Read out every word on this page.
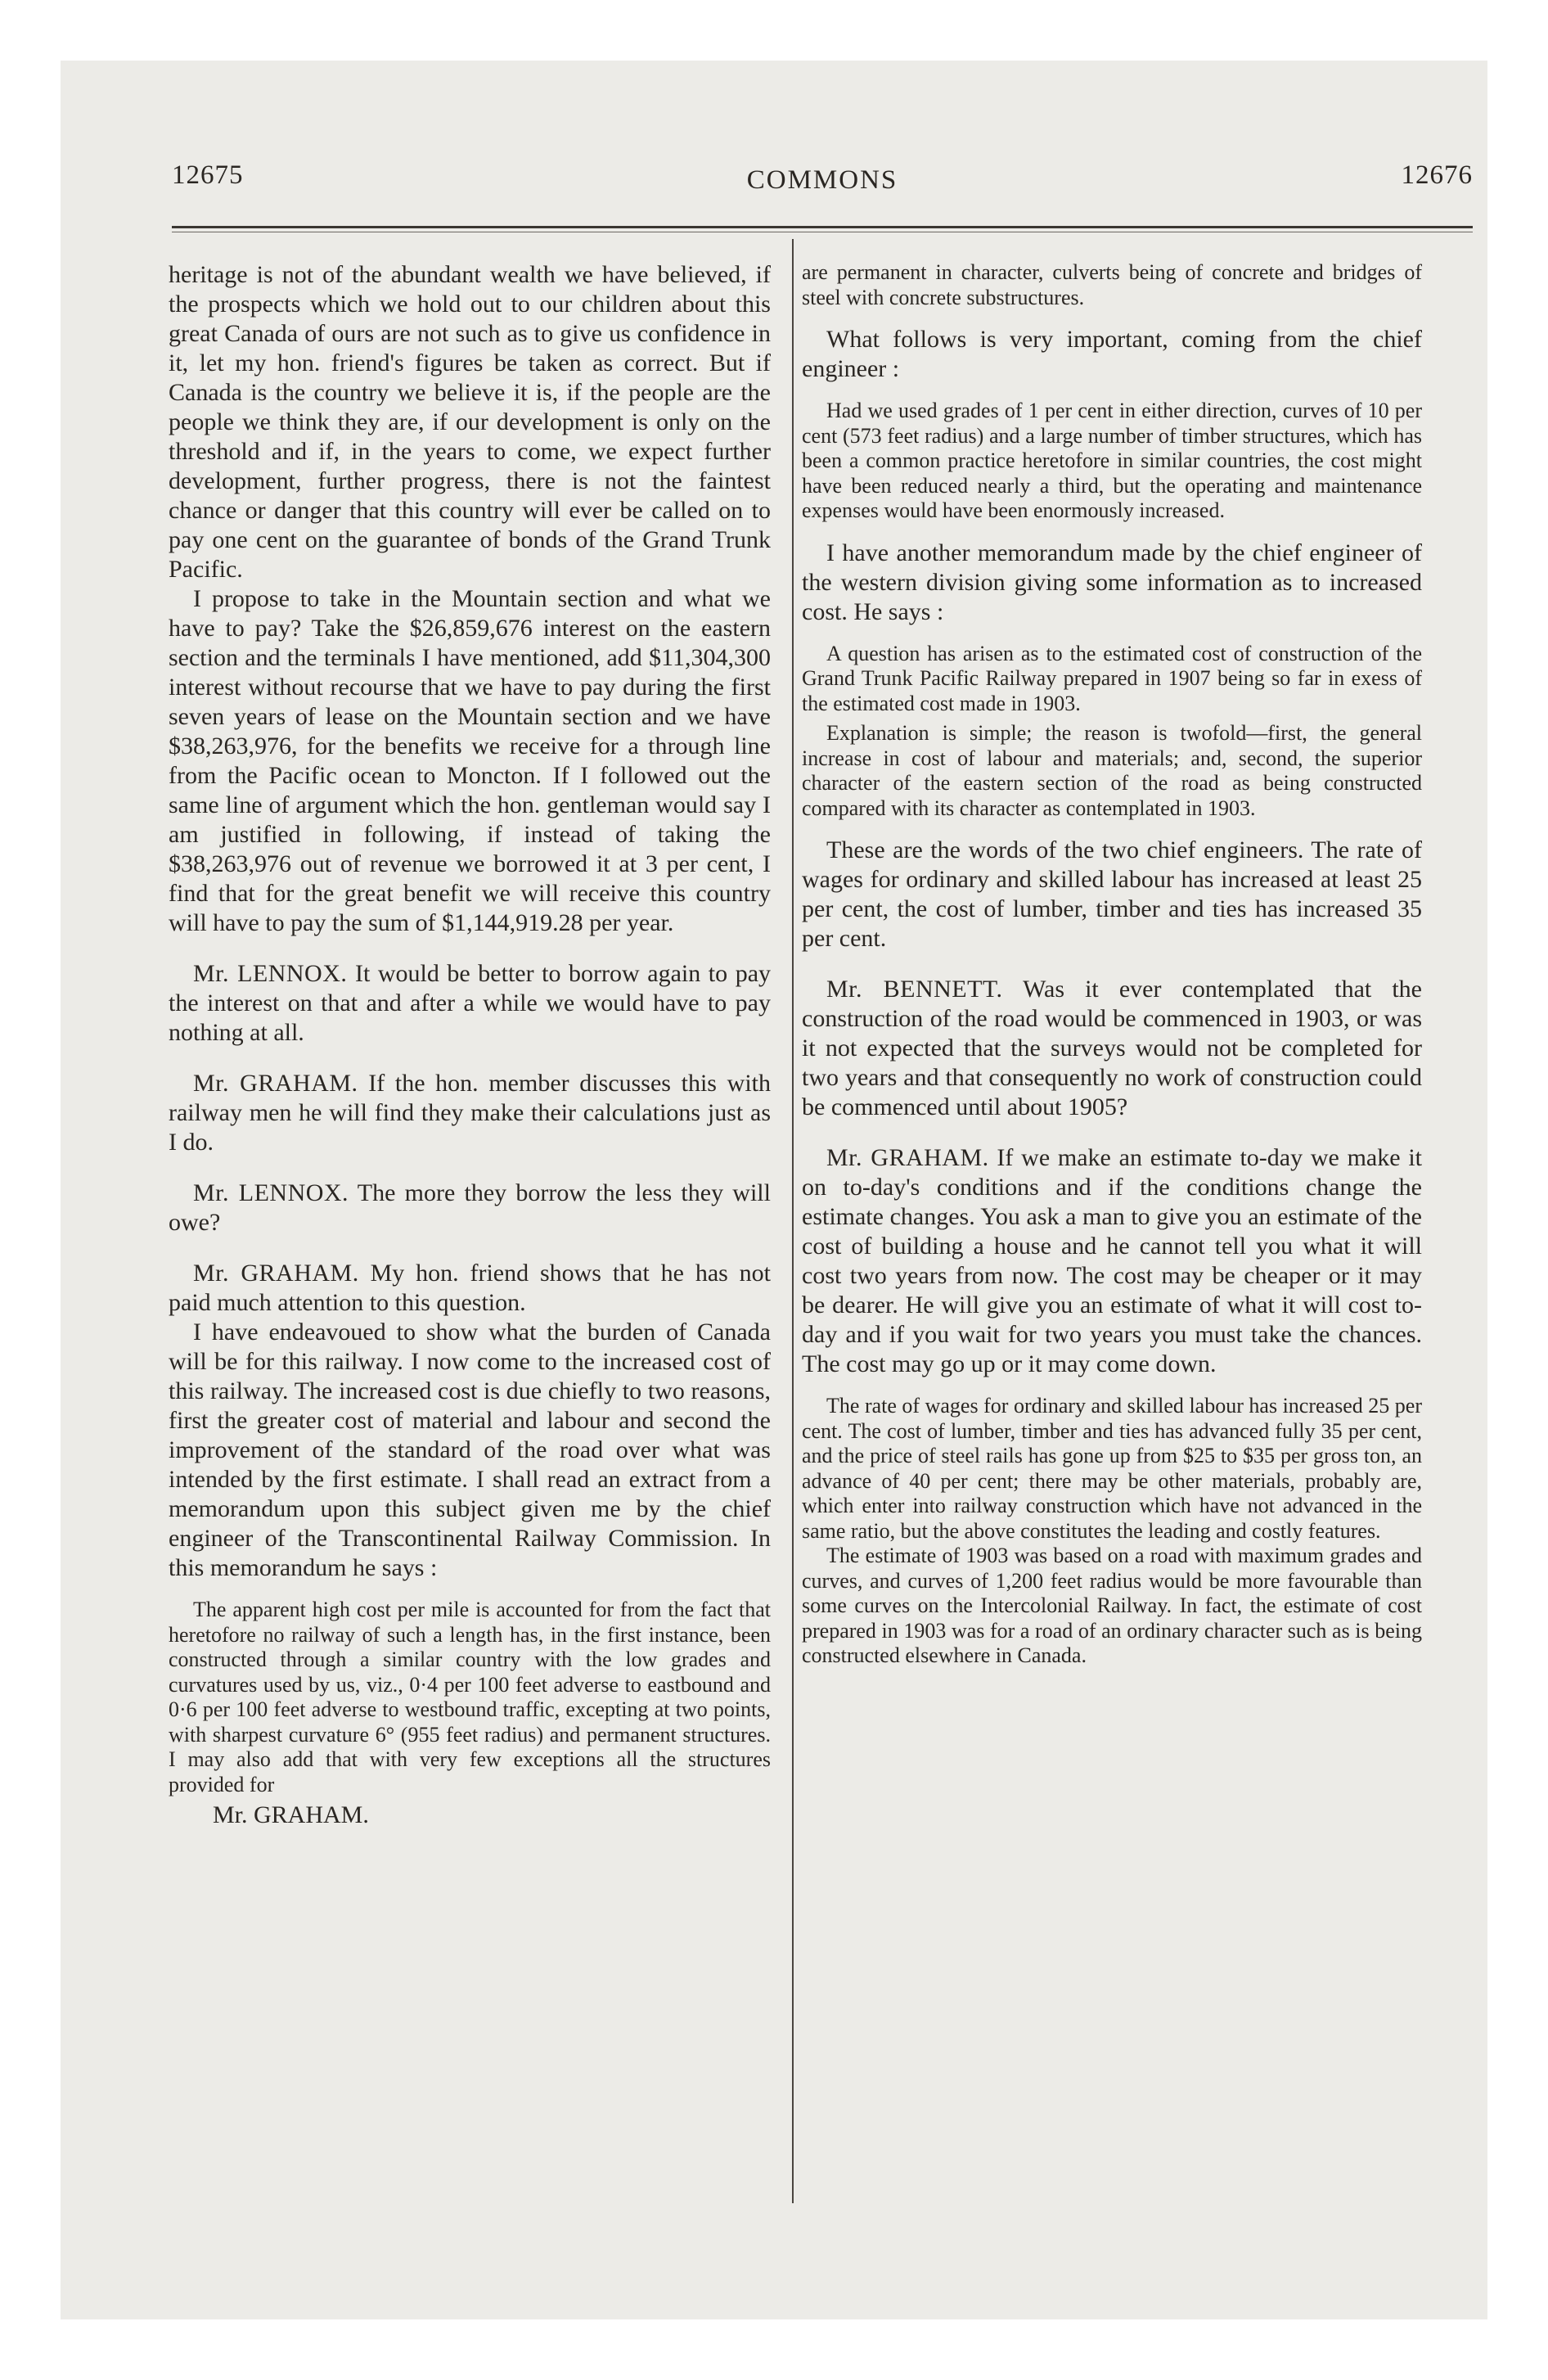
12675	COMMONS	12676

heritage is not of the abundant wealth we have believed, if the prospects which we hold out to our children about this great Canada of ours are not such as to give us confidence in it, let my hon. friend's figures be taken as correct. But if Canada is the country we believe it is, if the people are the people we think they are, if our development is only on the threshold and if, in the years to come, we expect further development, further progress, there is not the faintest chance or danger that this country will ever be called on to pay one cent on the guarantee of bonds of the Grand Trunk Pacific.

I propose to take in the Mountain section and what we have to pay? Take the $26,859,676 interest on the eastern section and the terminals I have mentioned, add $11,304,300 interest without recourse that we have to pay during the first seven years of lease on the Mountain section and we have $38,263,976, for the benefits we receive for a through line from the Pacific ocean to Moncton. If I followed out the same line of argument which the hon. gentleman would say I am justified in following, if instead of taking the $38,263,976 out of revenue we borrowed it at 3 per cent, I find that for the great benefit we will receive this country will have to pay the sum of $1,144,919.28 per year.

Mr. LENNOX. It would be better to borrow again to pay the interest on that and after a while we would have to pay nothing at all.

Mr. GRAHAM. If the hon. member discusses this with railway men he will find they make their calculations just as I do.

Mr. LENNOX. The more they borrow the less they will owe?

Mr. GRAHAM. My hon. friend shows that he has not paid much attention to this question.

I have endeavoued to show what the burden of Canada will be for this railway. I now come to the increased cost of this railway. The increased cost is due chiefly to two reasons, first the greater cost of material and labour and second the improvement of the standard of the road over what was intended by the first estimate. I shall read an extract from a memorandum upon this subject given me by the chief engineer of the Transcontinental Railway Commission. In this memorandum he says :

The apparent high cost per mile is accounted for from the fact that heretofore no railway of such a length has, in the first instance, been constructed through a similar country with the low grades and curvatures used by us, viz., 0·4 per 100 feet adverse to eastbound and 0·6 per 100 feet adverse to westbound traffic, excepting at two points, with sharpest curvature 6° (955 feet radius) and permanent structures. I may also add that with very few exceptions all the structures provided for

Mr. GRAHAM.

are permanent in character, culverts being of concrete and bridges of steel with concrete substructures.

What follows is very important, coming from the chief engineer :

Had we used grades of 1 per cent in either direction, curves of 10 per cent (573 feet radius) and a large number of timber structures, which has been a common practice heretofore in similar countries, the cost might have been reduced nearly a third, but the operating and maintenance expenses would have been enormously increased.

I have another memorandum made by the chief engineer of the western division giving some information as to increased cost. He says :

A question has arisen as to the estimated cost of construction of the Grand Trunk Pacific Railway prepared in 1907 being so far in exess of the estimated cost made in 1903.

Explanation is simple; the reason is twofold—first, the general increase in cost of labour and materials; and, second, the superior character of the eastern section of the road as being constructed compared with its character as contemplated in 1903.

These are the words of the two chief engineers. The rate of wages for ordinary and skilled labour has increased at least 25 per cent, the cost of lumber, timber and ties has increased 35 per cent.

Mr. BENNETT. Was it ever contemplated that the construction of the road would be commenced in 1903, or was it not expected that the surveys would not be completed for two years and that consequently no work of construction could be commenced until about 1905?

Mr. GRAHAM. If we make an estimate to-day we make it on to-day's conditions and if the conditions change the estimate changes. You ask a man to give you an estimate of the cost of building a house and he cannot tell you what it will cost two years from now. The cost may be cheaper or it may be dearer. He will give you an estimate of what it will cost to-day and if you wait for two years you must take the chances. The cost may go up or it may come down.

The rate of wages for ordinary and skilled labour has increased 25 per cent. The cost of lumber, timber and ties has advanced fully 35 per cent, and the price of steel rails has gone up from $25 to $35 per gross ton, an advance of 40 per cent; there may be other materials, probably are, which enter into railway construction which have not advanced in the same ratio, but the above constitutes the leading and costly features.

The estimate of 1903 was based on a road with maximum grades and curves, and curves of 1,200 feet radius would be more favourable than some curves on the Intercolonial Railway. In fact, the estimate of cost prepared in 1903 was for a road of an ordinary character such as is being constructed elsewhere in Canada.
